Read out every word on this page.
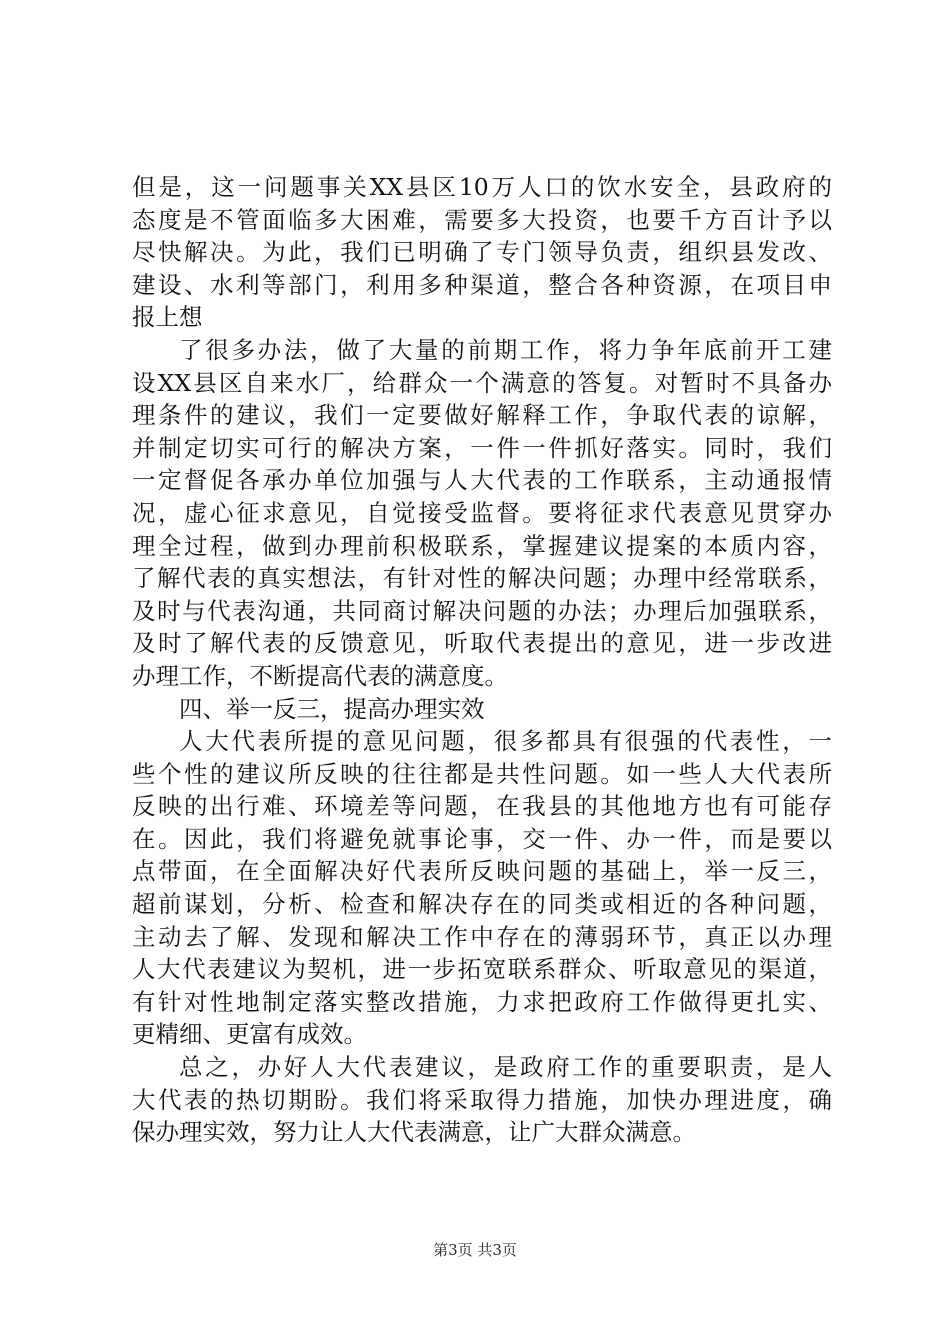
但是，这一问题事关XX县区10万人口的饮水安全，县政府的
态度是不管面临多大困难，需要多大投资，也要千方百计予以
尽快解决。为此，我们已明确了专门领导负责，组织县发改、
建设、水利等部门，利用多种渠道，整合各种资源，在项目申
报上想
了很多办法，做了大量的前期工作，将力争年底前开工建
设XX县区自来水厂，给群众一个满意的答复。对暂时不具备办
理条件的建议，我们一定要做好解释工作，争取代表的谅解，
并制定切实可行的解决方案，一件一件抓好落实。同时，我们
一定督促各承办单位加强与人大代表的工作联系，主动通报情
况，虚心征求意见，自觉接受监督。要将征求代表意见贯穿办
理全过程，做到办理前积极联系，掌握建议提案的本质内容，
了解代表的真实想法，有针对性的解决问题；办理中经常联系，
及时与代表沟通，共同商讨解决问题的办法；办理后加强联系，
及时了解代表的反馈意见，听取代表提出的意见，进一步改进
办理工作，不断提高代表的满意度。
四、举一反三，提高办理实效
人大代表所提的意见问题，很多都具有很强的代表性，一
些个性的建议所反映的往往都是共性问题。如一些人大代表所
反映的出行难、环境差等问题，在我县的其他地方也有可能存
在。因此，我们将避免就事论事，交一件、办一件，而是要以
点带面，在全面解决好代表所反映问题的基础上，举一反三，
超前谋划，分析、检查和解决存在的同类或相近的各种问题，
主动去了解、发现和解决工作中存在的薄弱环节，真正以办理
人大代表建议为契机，进一步拓宽联系群众、听取意见的渠道，
有针对性地制定落实整改措施，力求把政府工作做得更扎实、
更精细、更富有成效。
总之，办好人大代表建议，是政府工作的重要职责，是人
大代表的热切期盼。我们将采取得力措施，加快办理进度，确
保办理实效，努力让人大代表满意，让广大群众满意。
第3页 共3页
